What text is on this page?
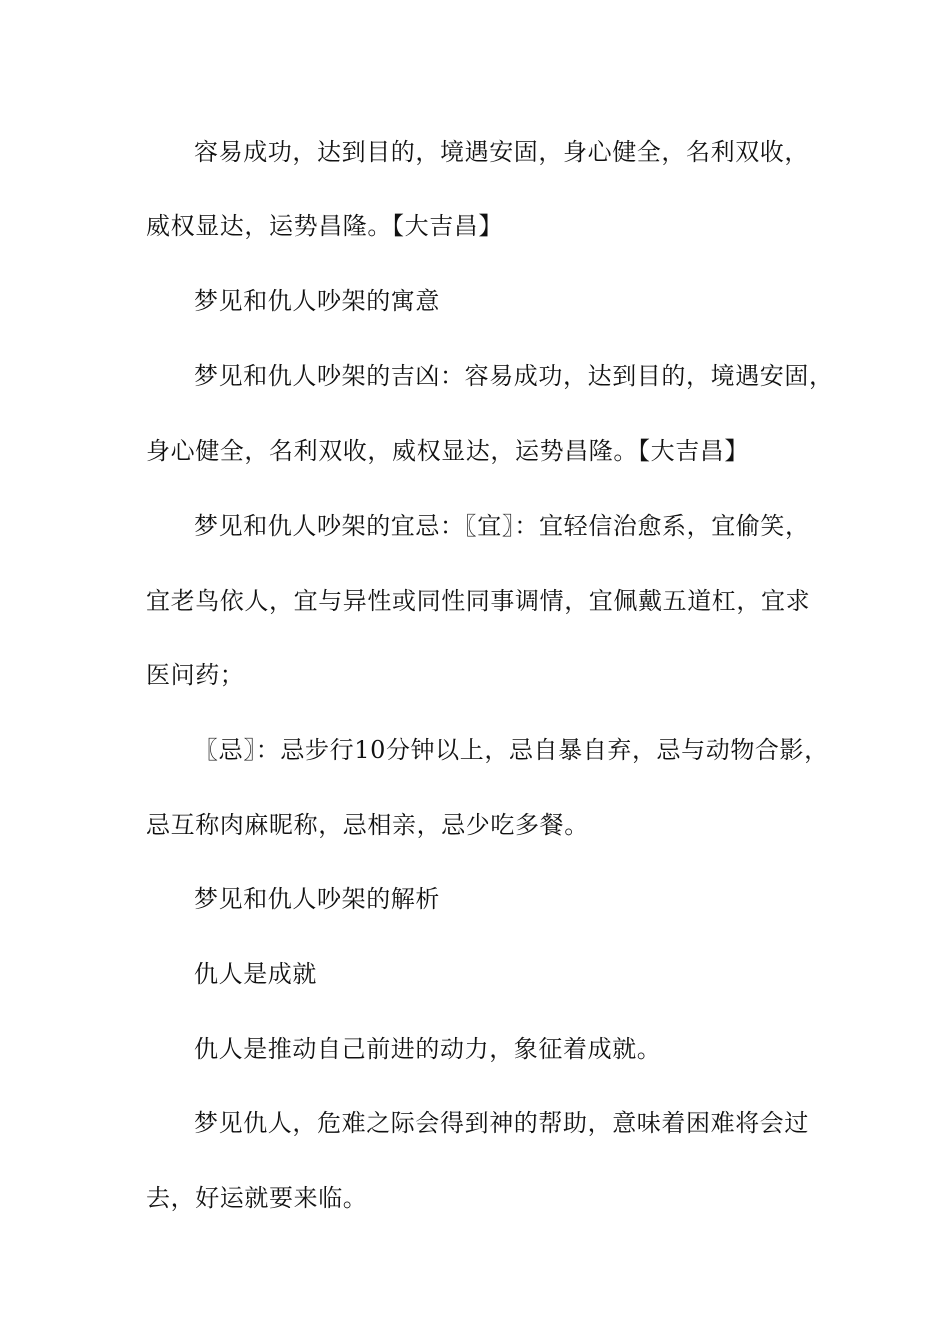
容易成功，达到目的，境遇安固，身心健全，名利双收，
威权显达，运势昌隆。【大吉昌】
梦见和仇人吵架的寓意
梦见和仇人吵架的吉凶：容易成功，达到目的，境遇安固，
身心健全，名利双收，威权显达，运势昌隆。【大吉昌】
梦见和仇人吵架的宜忌：〖宜〗：宜轻信治愈系，宜偷笑，
宜老鸟依人，宜与异性或同性同事调情，宜佩戴五道杠，宜求
医问药；
〖忌〗：忌步行10分钟以上，忌自暴自弃，忌与动物合影，
忌互称肉麻昵称，忌相亲，忌少吃多餐。
梦见和仇人吵架的解析
仇人是成就
仇人是推动自己前进的动力，象征着成就。
梦见仇人，危难之际会得到神的帮助，意味着困难将会过
去，好运就要来临。
